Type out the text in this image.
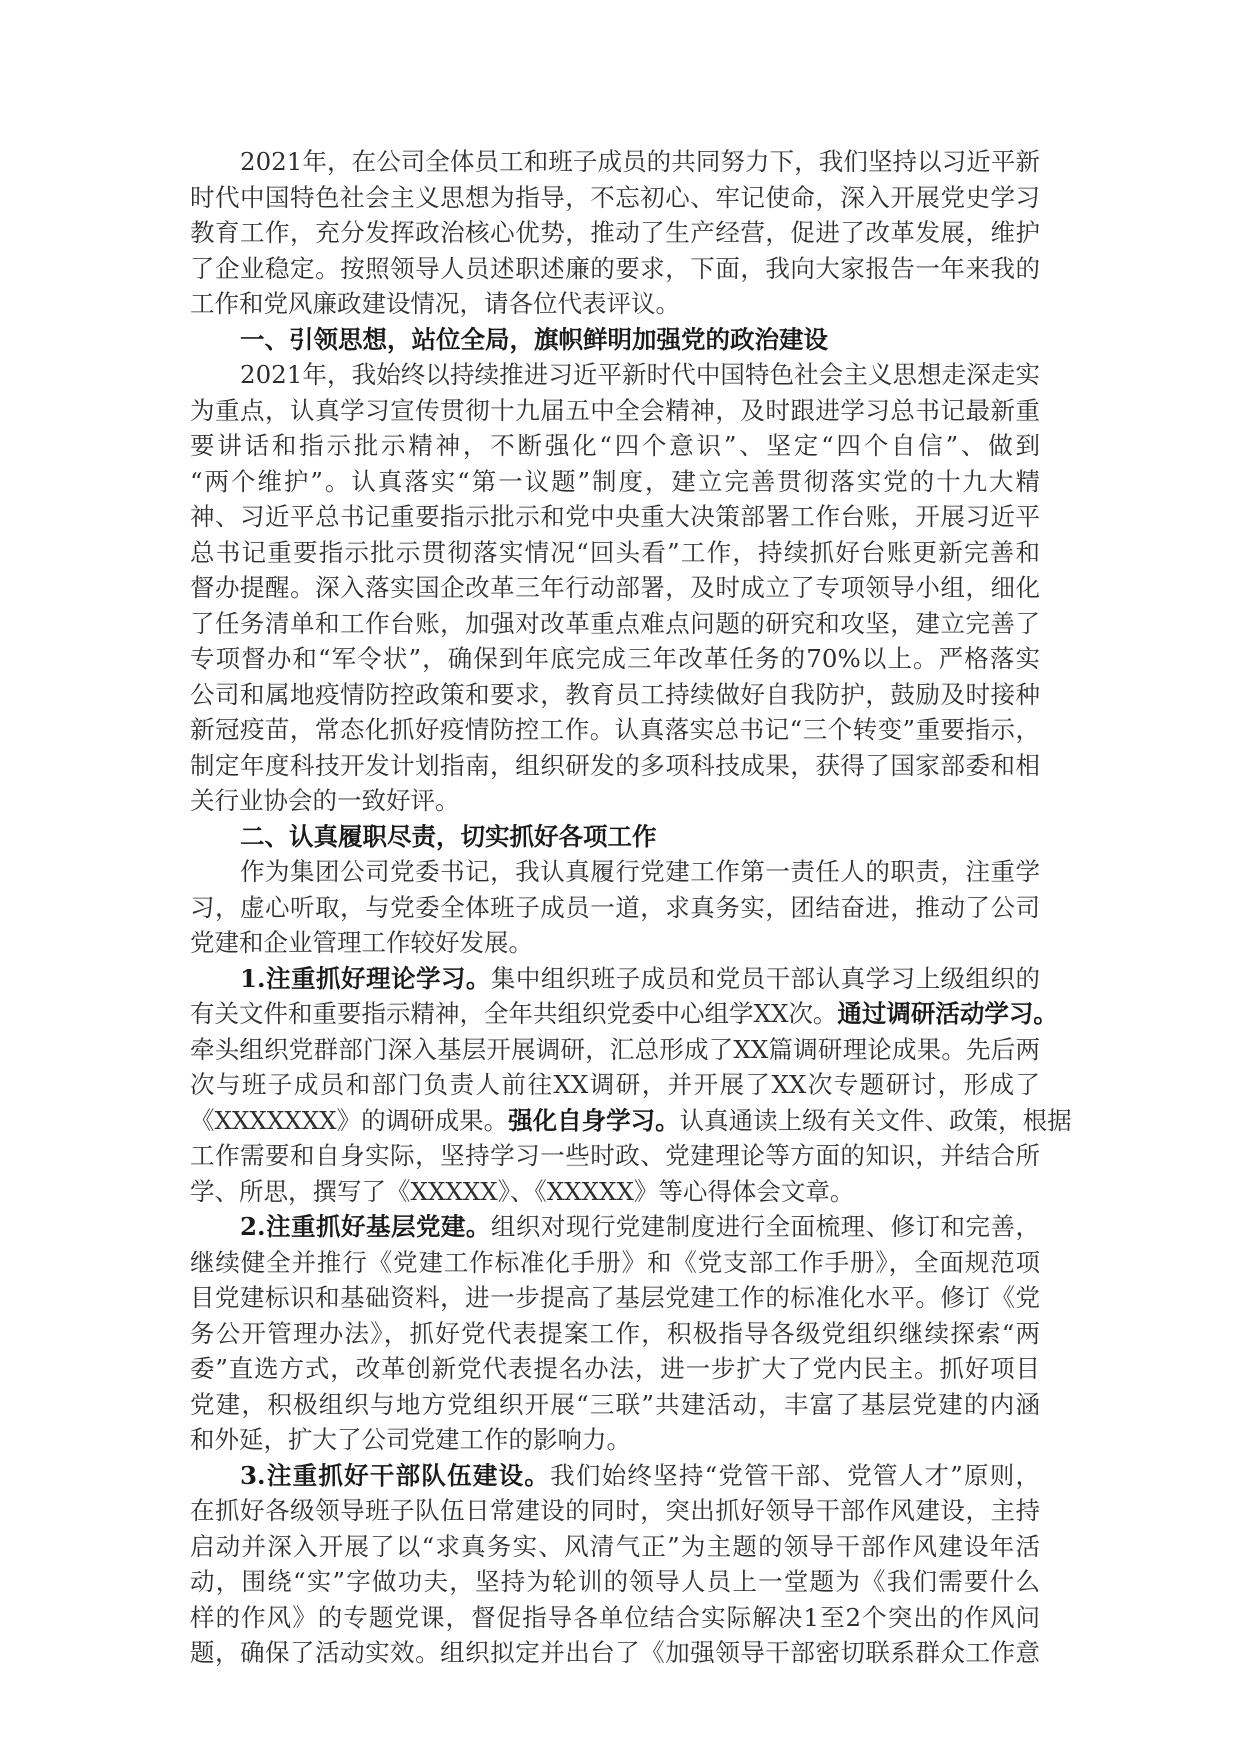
2021年，在公司全体员工和班子成员的共同努力下，我们坚持以习近平新
时代中国特色社会主义思想为指导，不忘初心、牢记使命，深入开展党史学习
教育工作，充分发挥政治核心优势，推动了生产经营，促进了改革发展，维护
了企业稳定。按照领导人员述职述廉的要求，下面，我向大家报告一年来我的
工作和党风廉政建设情况，请各位代表评议。
一、引领思想，站位全局，旗帜鲜明加强党的政治建设
2021年，我始终以持续推进习近平新时代中国特色社会主义思想走深走实
为重点，认真学习宣传贯彻十九届五中全会精神，及时跟进学习总书记最新重
要讲话和指示批示精神，不断强化“四个意识”、坚定“四个自信”、做到
“两个维护”。认真落实“第一议题”制度，建立完善贯彻落实党的十九大精
神、习近平总书记重要指示批示和党中央重大决策部署工作台账，开展习近平
总书记重要指示批示贯彻落实情况“回头看”工作，持续抓好台账更新完善和
督办提醒。深入落实国企改革三年行动部署，及时成立了专项领导小组，细化
了任务清单和工作台账，加强对改革重点难点问题的研究和攻坚，建立完善了
专项督办和“军令状”，确保到年底完成三年改革任务的70%以上。严格落实
公司和属地疫情防控政策和要求，教育员工持续做好自我防护，鼓励及时接种
新冠疫苗，常态化抓好疫情防控工作。认真落实总书记“三个转变”重要指示，
制定年度科技开发计划指南，组织研发的多项科技成果，获得了国家部委和相
关行业协会的一致好评。
二、认真履职尽责，切实抓好各项工作
作为集团公司党委书记，我认真履行党建工作第一责任人的职责，注重学
习，虚心听取，与党委全体班子成员一道，求真务实，团结奋进，推动了公司
党建和企业管理工作较好发展。
1.注重抓好理论学习。集中组织班子成员和党员干部认真学习上级组织的
有关文件和重要指示精神，全年共组织党委中心组学XX次。通过调研活动学习。
牵头组织党群部门深入基层开展调研，汇总形成了XX篇调研理论成果。先后两
次与班子成员和部门负责人前往XX调研，并开展了XX次专题研讨，形成了
《XXXXXXX》的调研成果。强化自身学习。认真通读上级有关文件、政策，根据
工作需要和自身实际，坚持学习一些时政、党建理论等方面的知识，并结合所
学、所思，撰写了《XXXXX》、《XXXXX》等心得体会文章。
2.注重抓好基层党建。组织对现行党建制度进行全面梳理、修订和完善，
继续健全并推行《党建工作标准化手册》和《党支部工作手册》，全面规范项
目党建标识和基础资料，进一步提高了基层党建工作的标准化水平。修订《党
务公开管理办法》，抓好党代表提案工作，积极指导各级党组织继续探索“两
委”直选方式，改革创新党代表提名办法，进一步扩大了党内民主。抓好项目
党建，积极组织与地方党组织开展“三联”共建活动，丰富了基层党建的内涵
和外延，扩大了公司党建工作的影响力。
3.注重抓好干部队伍建设。我们始终坚持“党管干部、党管人才”原则，
在抓好各级领导班子队伍日常建设的同时，突出抓好领导干部作风建设，主持
启动并深入开展了以“求真务实、风清气正”为主题的领导干部作风建设年活
动，围绕“实”字做功夫，坚持为轮训的领导人员上一堂题为《我们需要什么
样的作风》的专题党课，督促指导各单位结合实际解决1至2个突出的作风问
题，确保了活动实效。组织拟定并出台了《加强领导干部密切联系群众工作意
